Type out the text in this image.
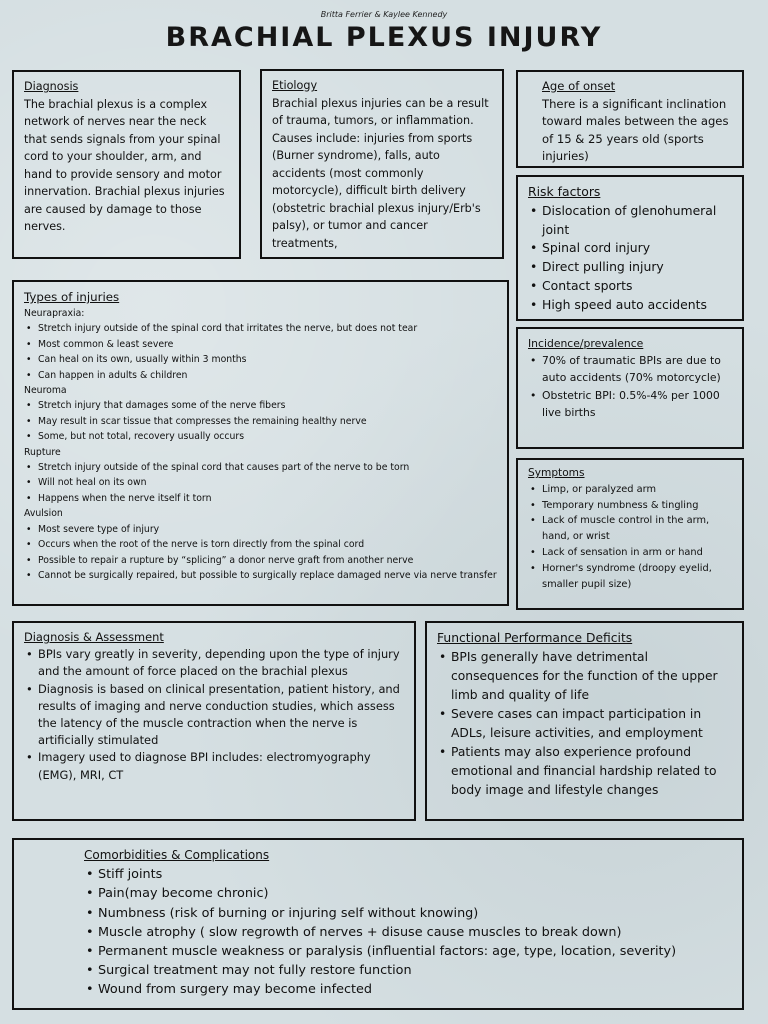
Britta Ferrier & Kaylee Kennedy
BRACHIAL PLEXUS INJURY
Diagnosis
The brachial plexus is a complex network of nerves near the neck that sends signals from your spinal cord to your shoulder, arm, and hand to provide sensory and motor innervation. Brachial plexus injuries are caused by damage to those nerves.
Etiology
Brachial plexus injuries can be a result of trauma, tumors, or inflammation. Causes include: injuries from sports (Burner syndrome), falls, auto accidents (most commonly motorcycle), difficult birth delivery (obstetric brachial plexus injury/Erb's palsy), or tumor and cancer treatments,
Age of onset
There is a significant inclination toward males between the ages of 15 & 25 years old (sports injuries)
Risk factors
• Dislocation of glenohumeral joint
• Spinal cord injury
• Direct pulling injury
• Contact sports
• High speed auto accidents
Types of injuries
Neurapraxia:
• Stretch injury outside of the spinal cord that irritates the nerve, but does not tear
• Most common & least severe
• Can heal on its own, usually within 3 months
• Can happen in adults & children
Neuroma
• Stretch injury that damages some of the nerve fibers
• May result in scar tissue that compresses the remaining healthy nerve
• Some, but not total, recovery usually occurs
Rupture
• Stretch injury outside of the spinal cord that causes part of the nerve to be torn
• Will not heal on its own
• Happens when the nerve itself it torn
Avulsion
• Most severe type of injury
• Occurs when the root of the nerve is torn directly from the spinal cord
• Possible to repair a rupture by “splicing” a donor nerve graft from another nerve
• Cannot be surgically repaired, but possible to surgically replace damaged nerve via nerve transfer
Incidence/prevalence
• 70% of traumatic BPIs are due to auto accidents (70% motorcycle)
• Obstetric BPI: 0.5%-4% per 1000 live births
Symptoms
• Limp, or paralyzed arm
• Temporary numbness & tingling
• Lack of muscle control in the arm, hand, or wrist
• Lack of sensation in arm or hand
• Horner's syndrome (droopy eyelid, smaller pupil size)
Diagnosis & Assessment
• BPIs vary greatly in severity, depending upon the type of injury and the amount of force placed on the brachial plexus
• Diagnosis is based on clinical presentation, patient history, and results of imaging and nerve conduction studies, which assess the latency of the muscle contraction when the nerve is artificially stimulated
• Imagery used to diagnose BPI includes: electromyography (EMG), MRI, CT
Functional Performance Deficits
• BPIs generally have detrimental consequences for the function of the upper limb and quality of life
• Severe cases can impact participation in ADLs, leisure activities, and employment
• Patients may also experience profound emotional and financial hardship related to body image and lifestyle changes
Comorbidities & Complications
• Stiff joints
• Pain(may become chronic)
• Numbness (risk of burning or injuring self without knowing)
• Muscle atrophy ( slow regrowth of nerves + disuse cause muscles to break down)
• Permanent muscle weakness or paralysis (influential factors: age, type, location, severity)
• Surgical treatment may not fully restore function
• Wound from surgery may become infected
